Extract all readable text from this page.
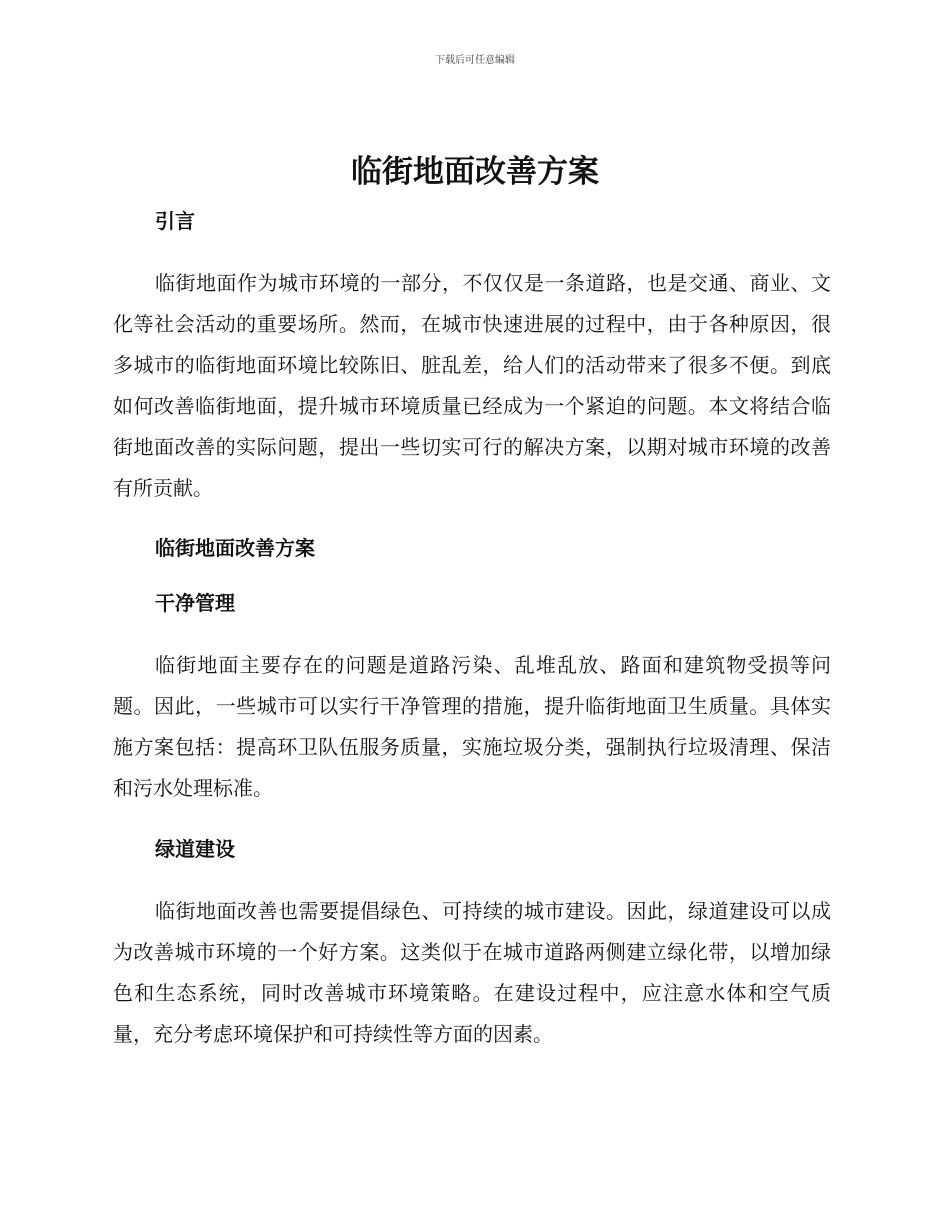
下载后可任意编辑
临街地面改善方案
引言

临街地面作为城市环境的一部分，不仅仅是一条道路，也是交通、商业、文化等社会活动的重要场所。然而，在城市快速进展的过程中，由于各种原因，很多城市的临街地面环境比较陈旧、脏乱差，给人们的活动带来了很多不便。到底如何改善临街地面，提升城市环境质量已经成为一个紧迫的问题。本文将结合临街地面改善的实际问题，提出一些切实可行的解决方案，以期对城市环境的改善有所贡献。

临街地面改善方案
干净管理

临街地面主要存在的问题是道路污染、乱堆乱放、路面和建筑物受损等问题。因此，一些城市可以实行干净管理的措施，提升临街地面卫生质量。具体实施方案包括：提高环卫队伍服务质量，实施垃圾分类，强制执行垃圾清理、保洁和污水处理标准。

绿道建设

临街地面改善也需要提倡绿色、可持续的城市建设。因此，绿道建设可以成为改善城市环境的一个好方案。这类似于在城市道路两侧建立绿化带，以增加绿色和生态系统，同时改善城市环境策略。在建设过程中，应注意水体和空气质量，充分考虑环境保护和可持续性等方面的因素。
